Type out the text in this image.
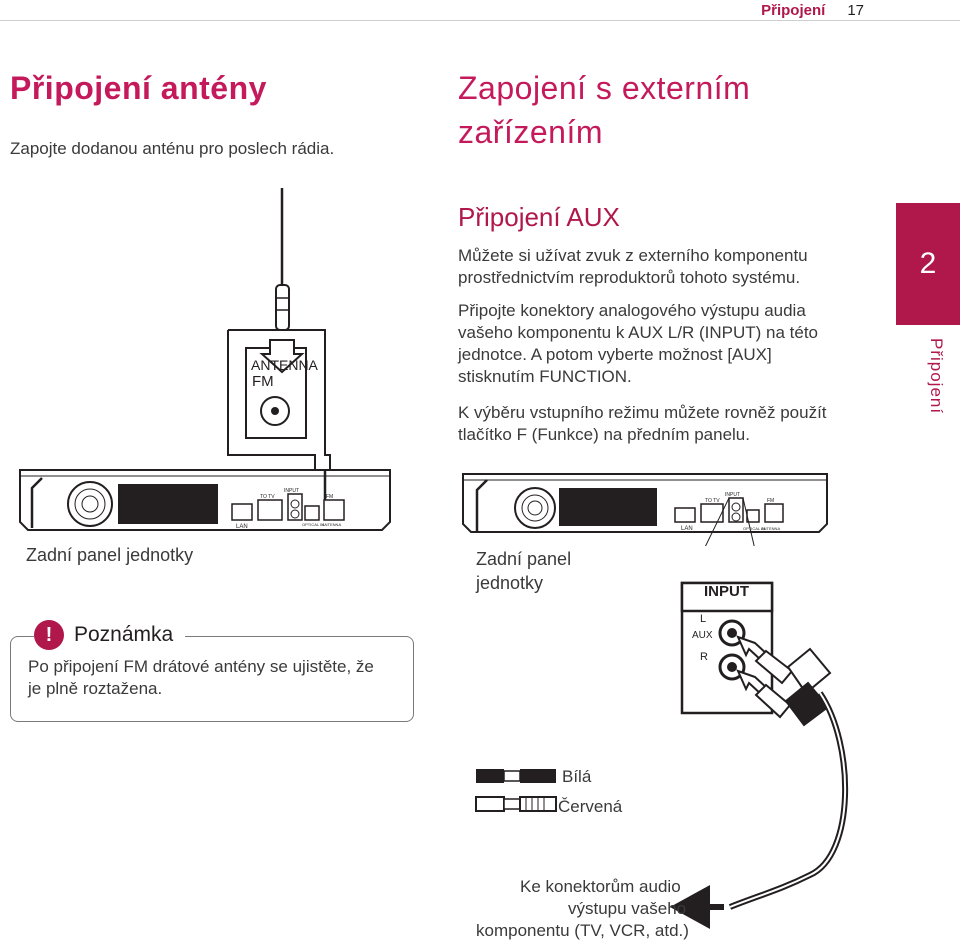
Připojení 17
Připojení antény
Zapojte dodanou anténu pro poslech rádia.
Zapojení s externím
zařízením
Připojení AUX
Můžete si užívat zvuk z externího komponentu
prostřednictvím reproduktorů tohoto systému.
Připojte konektory analogového výstupu audia
vašeho komponentu k AUX L/R (INPUT) na této
jednotce. A potom vyberte možnost [AUX]
stisknutím FUNCTION.
K výběru vstupního režimu můžete rovněž použít
tlačítko F (Funkce) na předním panelu.
2
Připojení
ANTENNA
FM
LAN
TO TV
INPUT
OPTICAL IN
FM
ANTENNA
Zadní panel jednotky
LAN
TO TV
INPUT
OPTICAL IN
FM
ANTENNA
Zadní panel
jednotky	INPUT
L
AUX
R
Bílá
Červená
Ke konektorům audio
výstupu vašeho
komponentu (TV, VCR, atd.)
!	Poznámka
Po připojení FM drátové antény se ujistěte, že
je plně roztažena.
